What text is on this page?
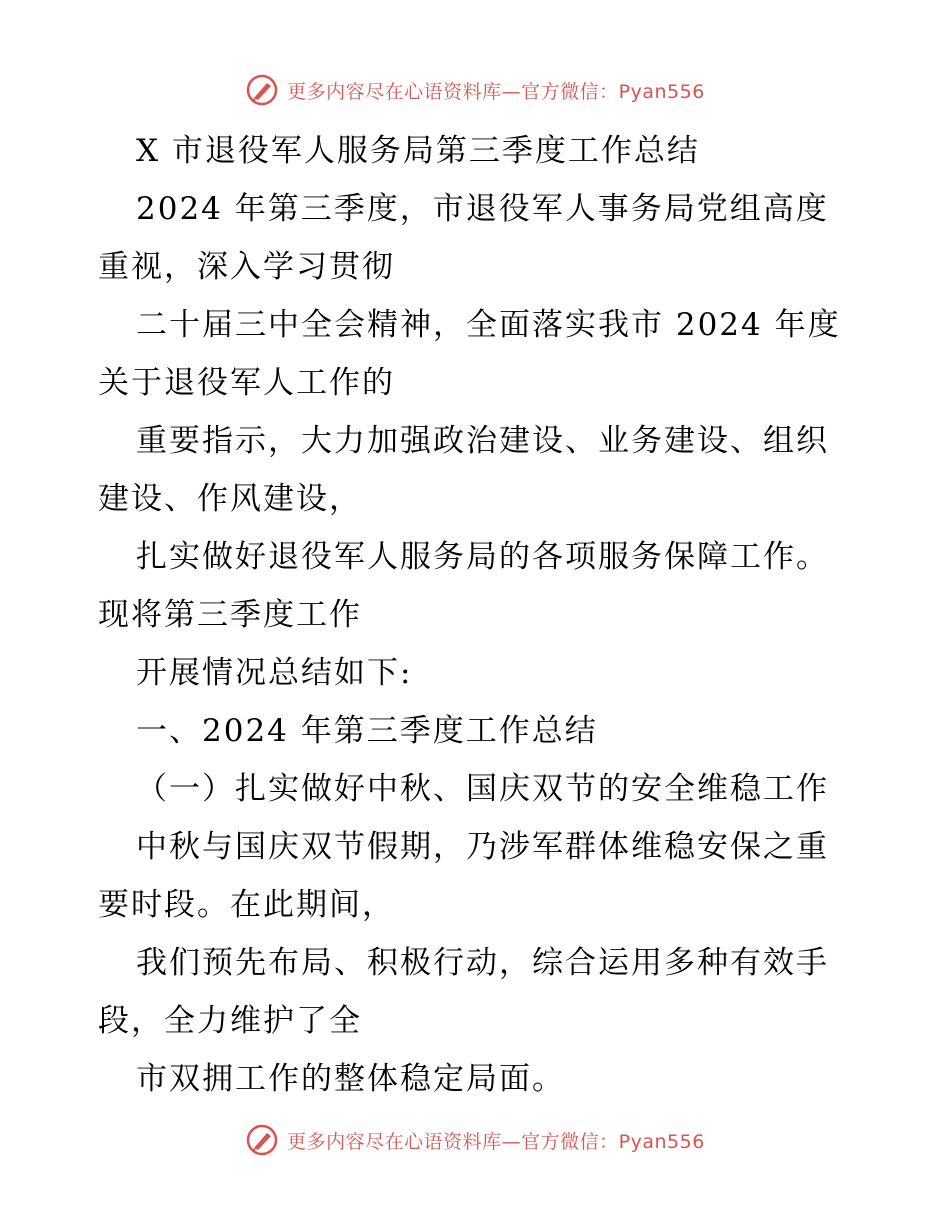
更多内容尽在心语资料库—官方微信：Pyan556
X 市退役军人服务局第三季度工作总结
2024 年第三季度，市退役军人事务局党组高度
重视，深入学习贯彻
二十届三中全会精神，全面落实我市 2024 年度
关于退役军人工作的
重要指示，大力加强政治建设、业务建设、组织
建设、作风建设，
扎实做好退役军人服务局的各项服务保障工作。
现将第三季度工作
开展情况总结如下:
一、2024 年第三季度工作总结
（一）扎实做好中秋、国庆双节的安全维稳工作
中秋与国庆双节假期，乃涉军群体维稳安保之重
要时段。在此期间，
我们预先布局、积极行动，综合运用多种有效手
段，全力维护了全
市双拥工作的整体稳定局面。
更多内容尽在心语资料库—官方微信：Pyan556
